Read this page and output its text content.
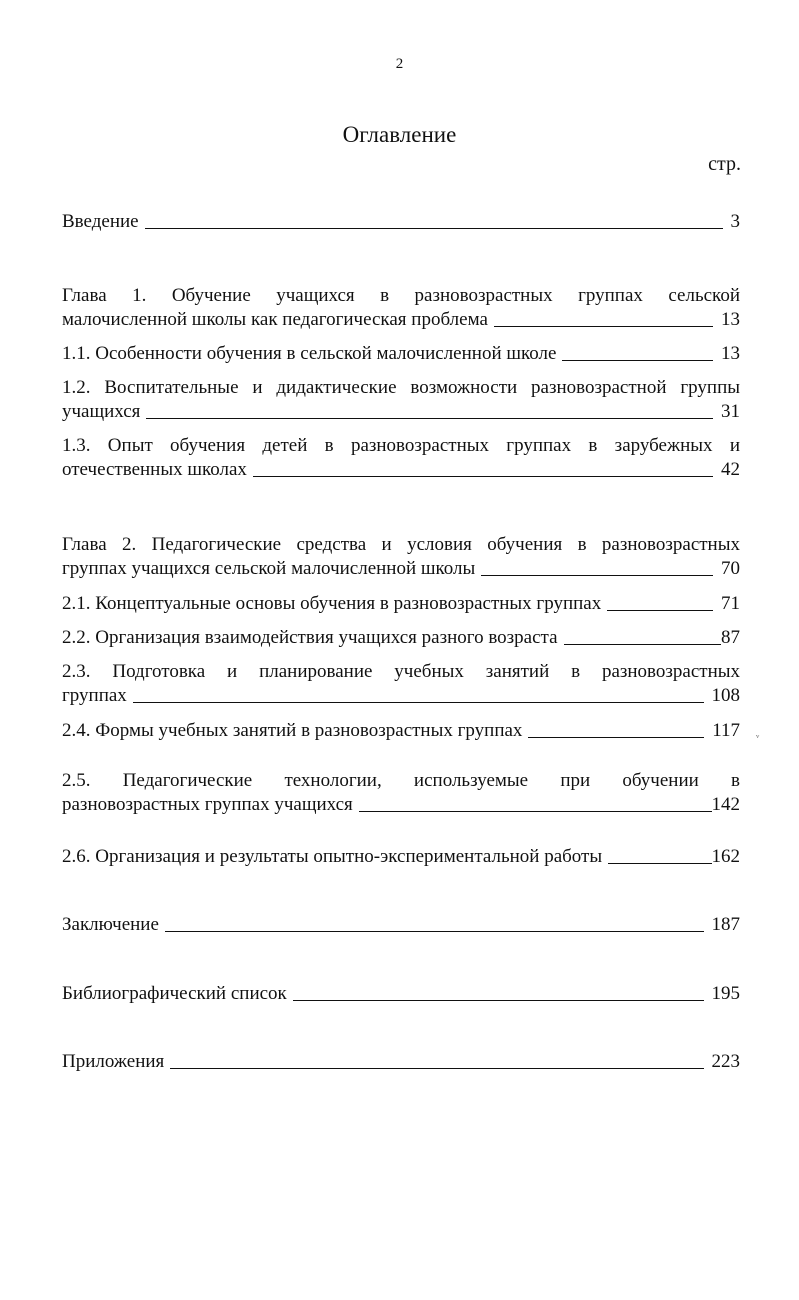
2
Оглавление
стр.
Введение	3
Глава 1. Обучение учащихся в разновозрастных группах сельской
малочисленной школы как педагогическая проблема	13
1.1. Особенности обучения в сельской малочисленной школе	13
1.2. Воспитательные и дидактические возможности разновозрастной группы
учащихся	31
1.3. Опыт обучения детей в разновозрастных группах в зарубежных и
отечественных школах	42
Глава 2. Педагогические средства и условия обучения в разновозрастных
группах учащихся сельской малочисленной школы	70
2.1. Концептуальные основы обучения в разновозрастных группах	71
2.2. Организация взаимодействия учащихся разного возраста	87
2.3. Подготовка и планирование учебных занятий в разновозрастных
группах	108
2.4. Формы учебных занятий в разновозрастных группах	117
2.5. Педагогические технологии, используемые при обучении в
разновозрастных группах учащихся	142
2.6. Организация и результаты опытно-экспериментальной работы	162
Заключение	187
Библиографический список	195
Приложения	223
ᵥ
